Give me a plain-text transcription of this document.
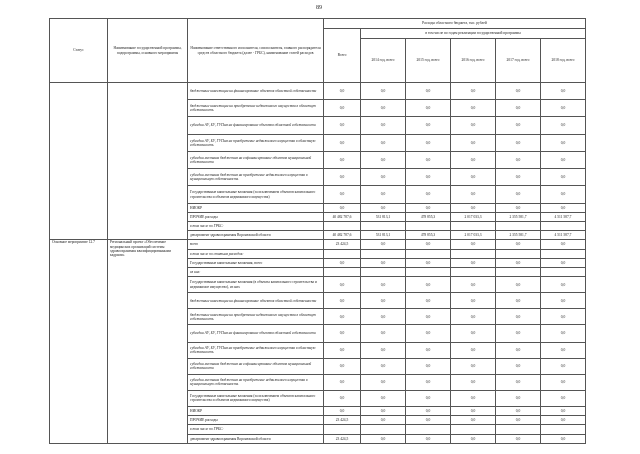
89
Статус	Наименование государственной программы, подпрограммы, основного мероприятия	Наименование ответственного исполнителя, соисполнителя, главного распорядителя средств областного бюджета (далее - ГРБС), наименование статей расходов	Расходы областного бюджета, тыс. рублей					
			Всего	в том числе по годам реализации государственной программы				
				2014 год, всего	2015 год, всего	2016 год, всего	2017 год, всего	2018 год, всего
		бюджетные инвестиции на финансирование объектов областной собственности	0,0	0,0	0,0	0,0	0,0	0,0
		бюджетные инвестиции на приобретение недвижимого имущества в областную собственность	0,0	0,0	0,0	0,0	0,0	0,0
		субсидии АУ, БУ, ГУПам на финансирование объектов областной собственности	0,0	0,0	0,0	0,0	0,0	0,0
		субсидии АУ, БУ, ГУПам на приобретение недвижимого имущества в областную собственность	0,0	0,0	0,0	0,0	0,0	0,0
		субсидии местным бюджетам на софинансирование объектов муниципальной собственности	0,0	0,0	0,0	0,0	0,0	0,0
		субсидии местным бюджетам на приобретение недвижимого имущества в муниципальную собственность	0,0	0,0	0,0	0,0	0,0	0,0
		Государственные капитальные вложения (за исключением объектов капитального строительства и объектов недвижимого имущества)	0,0	0,0	0,0	0,0	0,0	0,0
		НИОКР	0,0	0,0	0,0	0,0	0,0	0,0
		ПРОЧИЕ расходы	40 482 787,6	531 813,1	478 855,3	2 017 033,3	2 355 581,7	4 511 587,7
		в том числе по ГРБС:						
		департамент здравоохранения Воронежской области	40 482 787,6	531 813,1	478 855,3	2 017 033,3	2 355 581,7	4 511 587,7
Основное мероприятие 12.7	Региональный проект «Обеспечение медицинских организаций системы здравоохранения квалифицированными кадрами»	всего	23 424,5	0,0	0,0	0,0	0,0	0,0
		в том числе по статьям расходов:						
		Государственные капитальные вложения, всего	0,0	0,0	0,0	0,0	0,0	0,0
		из них:						
		Государственные капитальные вложения (в объекты капитального строительства и недвижимое имущество), из них	0,0	0,0	0,0	0,0	0,0	0,0
		бюджетные инвестиции на финансирование объектов областной собственности	0,0	0,0	0,0	0,0	0,0	0,0
		бюджетные инвестиции на приобретение недвижимого имущества в областную собственность	0,0	0,0	0,0	0,0	0,0	0,0
		субсидии АУ, БУ, ГУПам на финансирование объектов областной собственности	0,0	0,0	0,0	0,0	0,0	0,0
		субсидии АУ, БУ, ГУПам на приобретение недвижимого имущества в областную собственность	0,0	0,0	0,0	0,0	0,0	0,0
		субсидии местным бюджетам на софинансирование объектов муниципальной собственности	0,0	0,0	0,0	0,0	0,0	0,0
		субсидии местным бюджетам на приобретение недвижимого имущества в муниципальную собственность	0,0	0,0	0,0	0,0	0,0	0,0
		Государственные капитальные вложения (за исключением объектов капитального строительства и объектов недвижимого имущества)	0,0	0,0	0,0	0,0	0,0	0,0
		НИОКР	0,0	0,0	0,0	0,0	0,0	0,0
		ПРОЧИЕ расходы	23 424,5	0,0	0,0	0,0	0,0	0,0
		в том числе по ГРБС:						
		департамент здравоохранения Воронежской области	23 424,5	0,0	0,0	0,0	0,0	0,0
